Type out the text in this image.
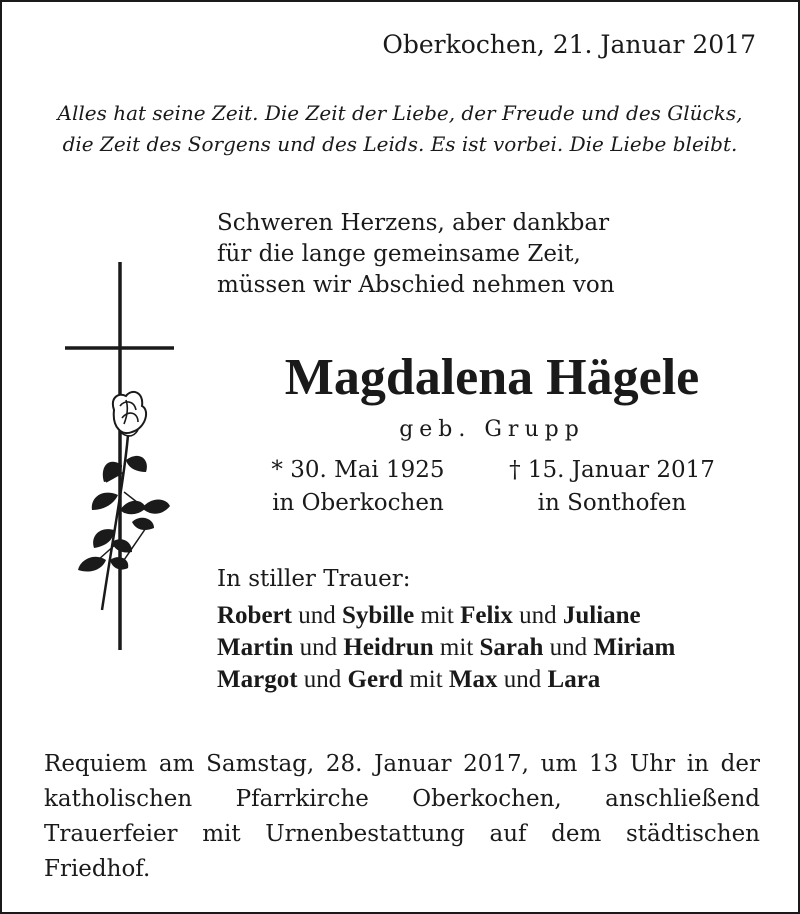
Oberkochen, 21. Januar 2017
Alles hat seine Zeit. Die Zeit der Liebe, der Freude und des Glücks,
die Zeit des Sorgens und des Leids. Es ist vorbei. Die Liebe bleibt.
Schweren Herzens, aber dankbar
für die lange gemeinsame Zeit,
müssen wir Abschied nehmen von
Magdalena Hägele
geb. Grupp
* 30. Mai 1925
in Oberkochen
† 15. Januar 2017
in Sonthofen
In stiller Trauer:
Robert und Sybille mit Felix und Juliane
Martin und Heidrun mit Sarah und Miriam
Margot und Gerd mit Max und Lara
Requiem am Samstag, 28. Januar 2017, um 13 Uhr in der katholischen Pfarrkirche Oberkochen, anschließend Trauerfeier mit Urnenbestattung auf dem städtischen Friedhof.
